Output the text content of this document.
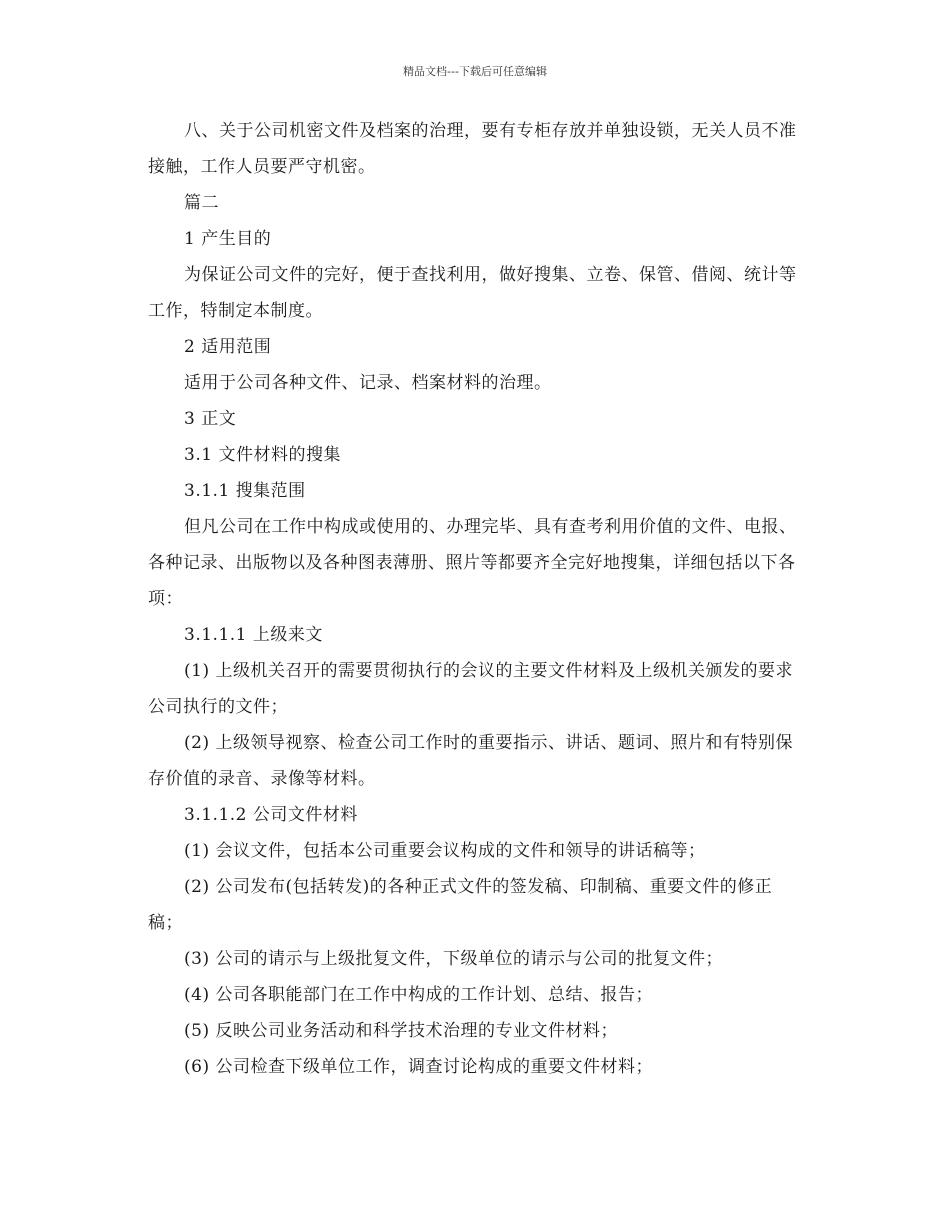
精品文档---下载后可任意编辑

八、关于公司机密文件及档案的治理，要有专柜存放并单独设锁，无关人员不准接触，工作人员要严守机密。

篇二

1 产生目的

为保证公司文件的完好，便于查找利用，做好搜集、立卷、保管、借阅、统计等工作，特制定本制度。

2 适用范围

适用于公司各种文件、记录、档案材料的治理。

3 正文

3.1 文件材料的搜集

3.1.1 搜集范围

但凡公司在工作中构成或使用的、办理完毕、具有查考利用价值的文件、电报、各种记录、出版物以及各种图表薄册、照片等都要齐全完好地搜集，详细包括以下各项：

3.1.1.1 上级来文

(1) 上级机关召开的需要贯彻执行的会议的主要文件材料及上级机关颁发的要求公司执行的文件；

(2) 上级领导视察、检查公司工作时的重要指示、讲话、题词、照片和有特别保存价值的录音、录像等材料。

3.1.1.2 公司文件材料

(1) 会议文件，包括本公司重要会议构成的文件和领导的讲话稿等；

(2) 公司发布(包括转发)的各种正式文件的签发稿、印制稿、重要文件的修正稿；

(3) 公司的请示与上级批复文件，下级单位的请示与公司的批复文件；

(4) 公司各职能部门在工作中构成的工作计划、总结、报告；

(5) 反映公司业务活动和科学技术治理的专业文件材料；

(6) 公司检查下级单位工作，调查讨论构成的重要文件材料；
